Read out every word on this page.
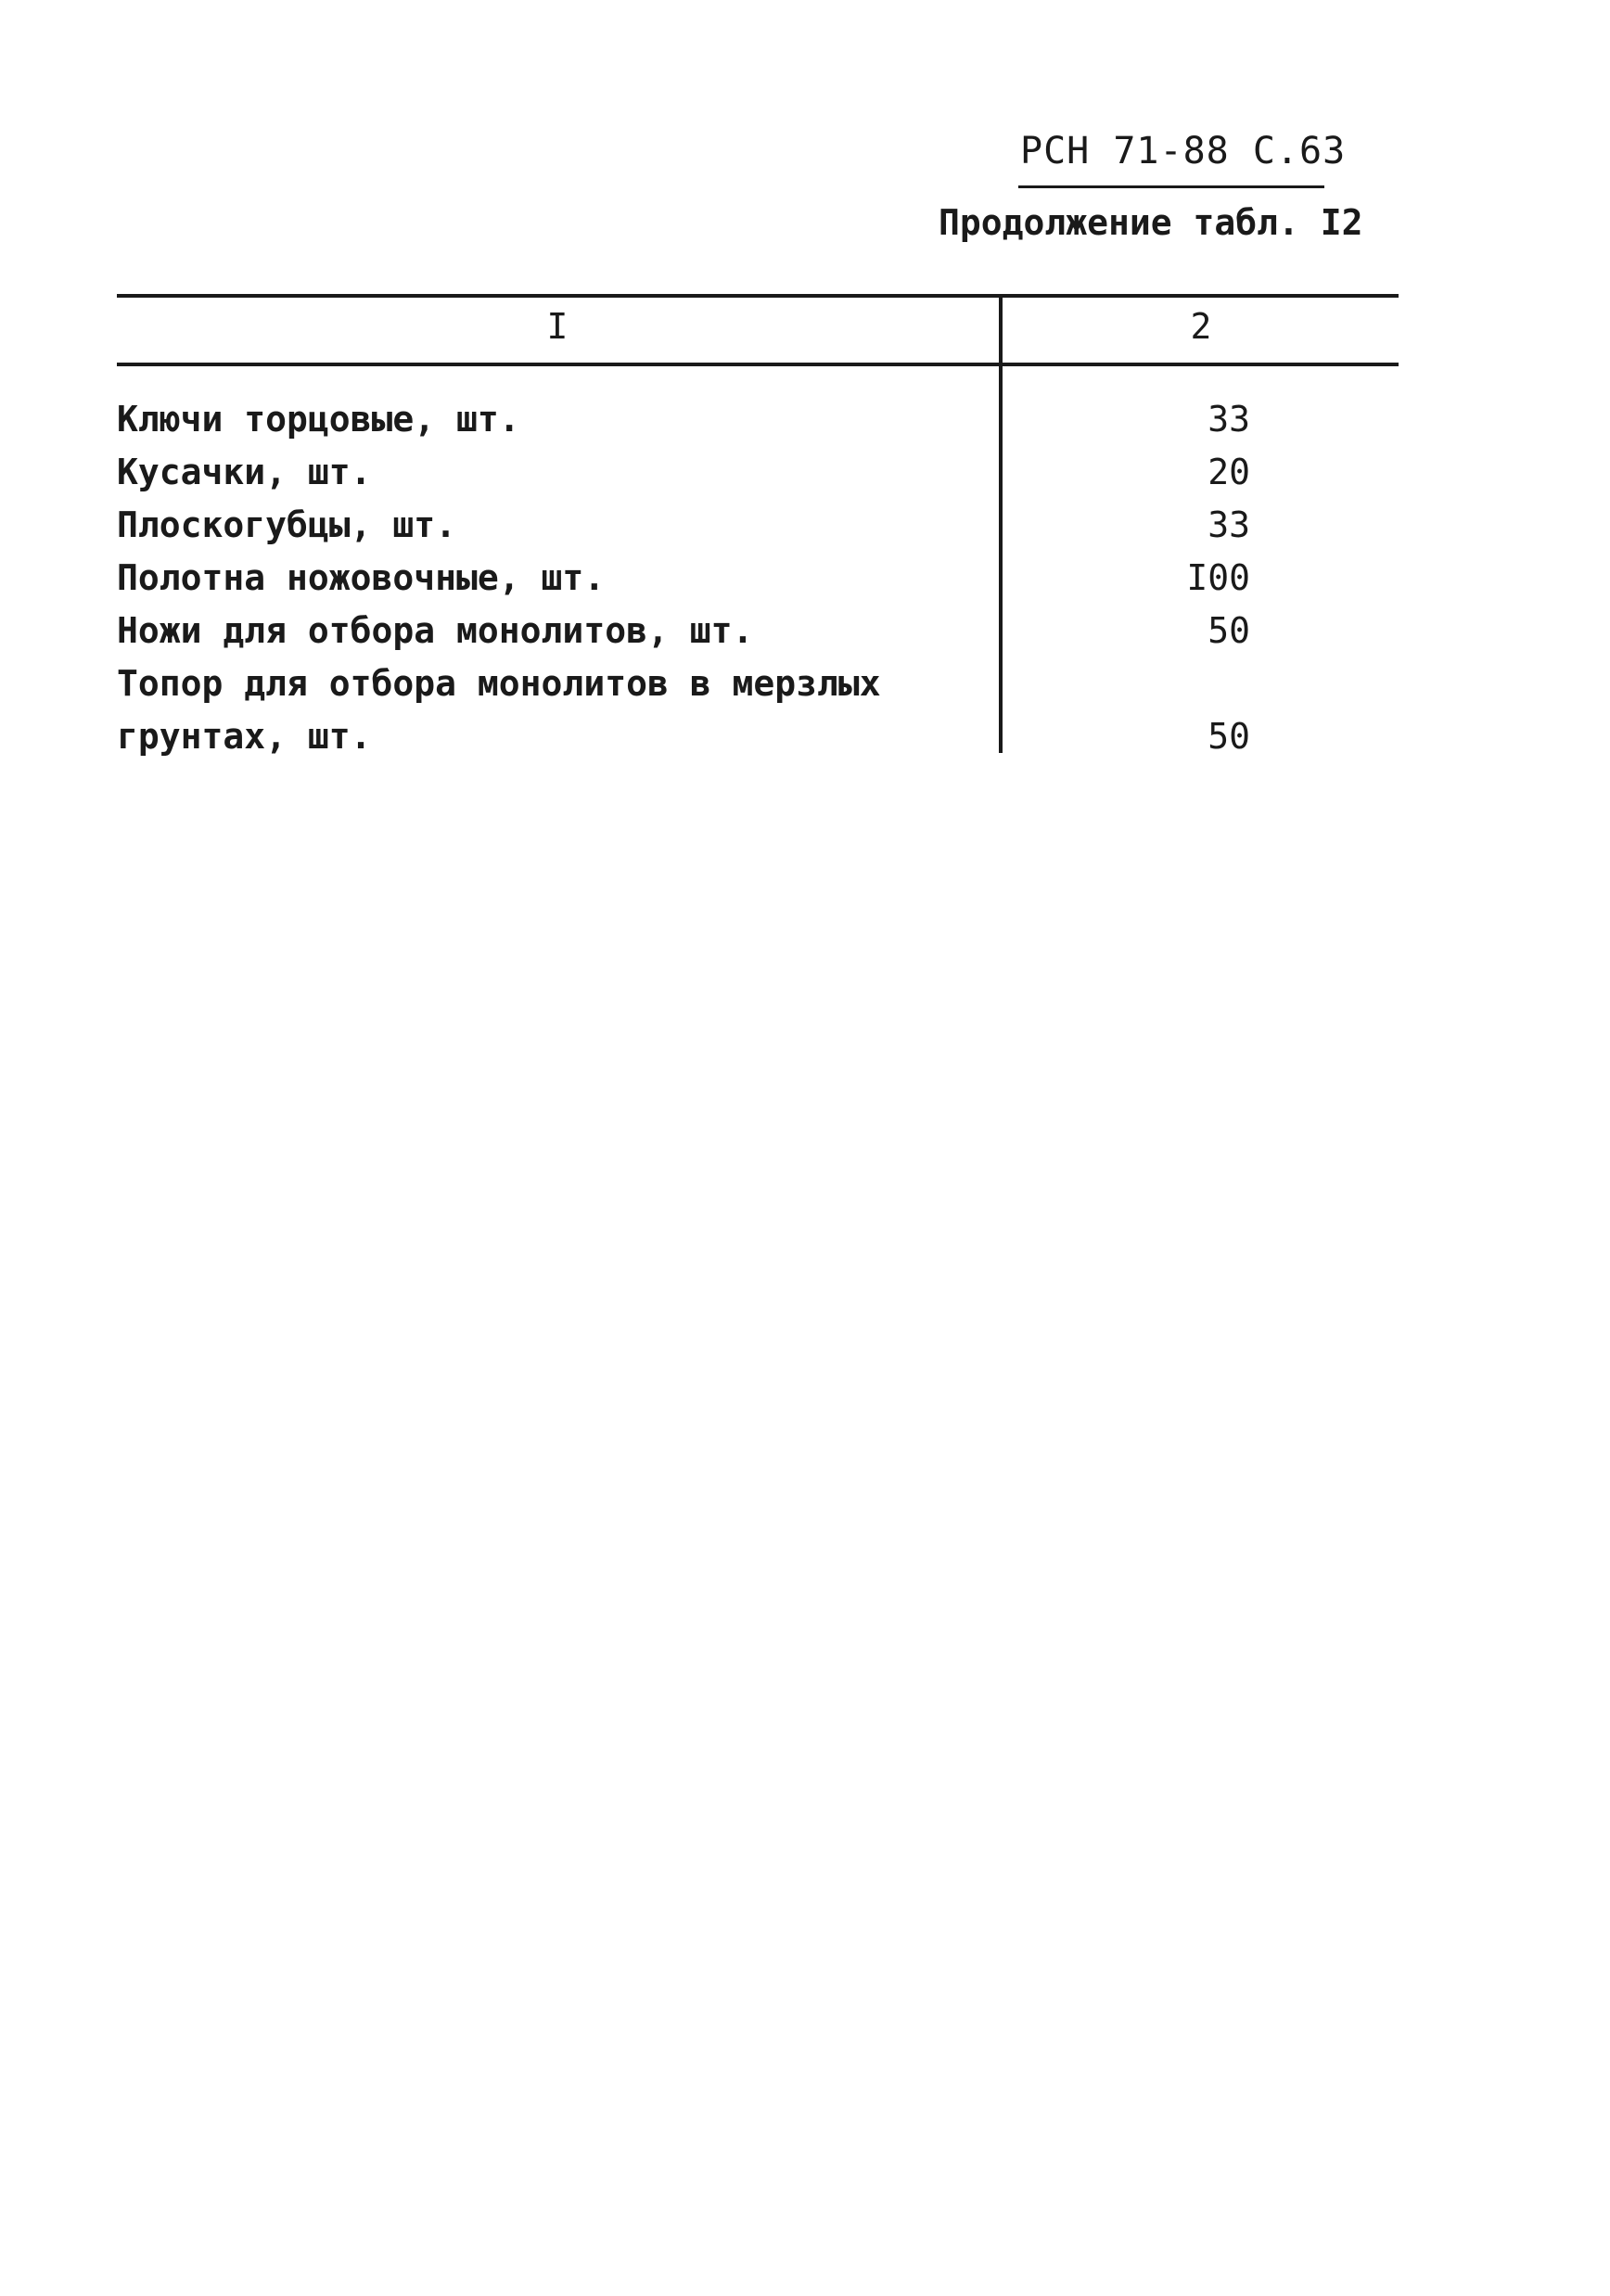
РСН 71-88 С.63
Продолжение табл. I2
I	2
Ключи торцовые, шт.	33
Кусачки, шт.	20
Плоскогубцы, шт.	33
Полотна ножовочные, шт.	I00
Ножи для отбора монолитов, шт.	50
Топор для отбора монолитов в мерзлых
грунтах, шт.	50
